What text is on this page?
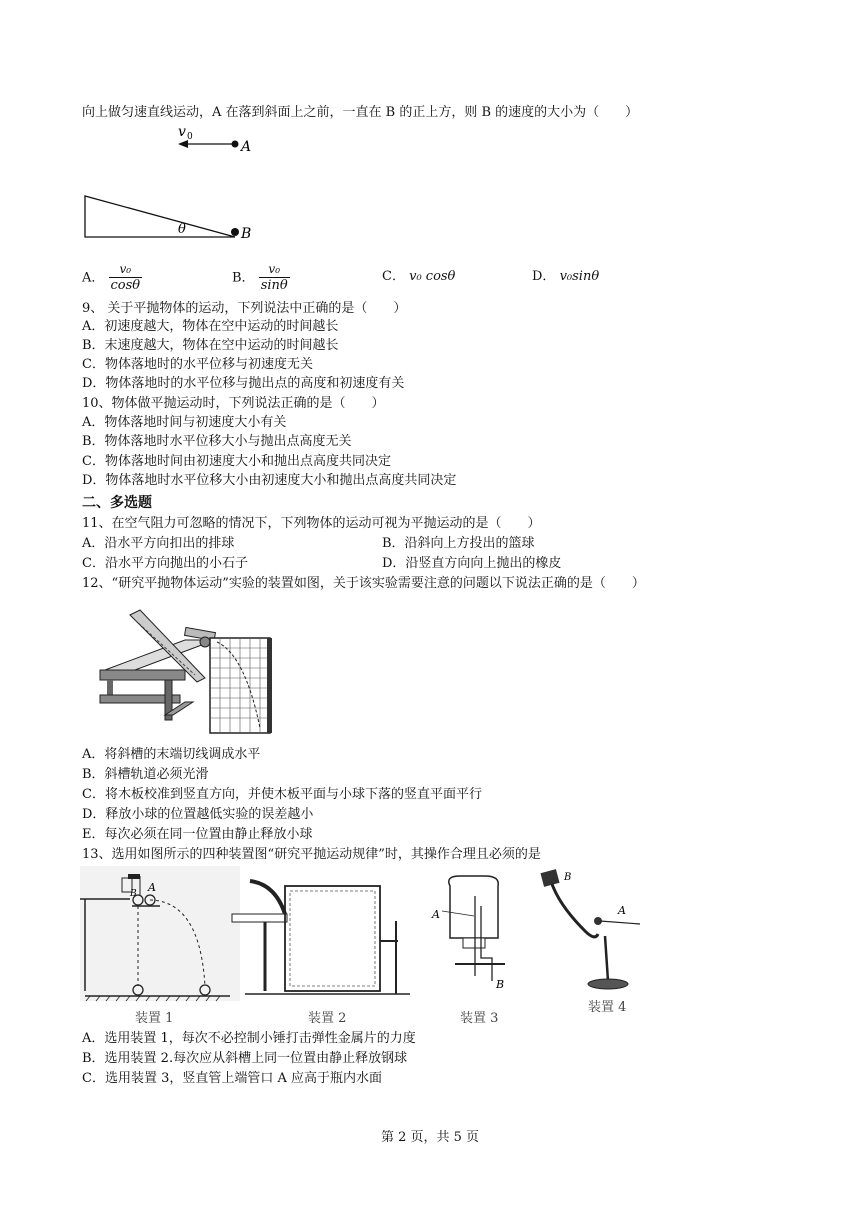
向上做匀速直线运动，A 在落到斜面上之前，一直在 B 的正上方，则 B 的速度的大小为（　　）
v 0
A
θ	B
A． $\frac{\text{v₀}}{\cos\theta}$	B． $\frac{\text{v₀}}{\sin\theta}$	C． v₀ cosθ	D． v₀sinθ
9、 关于平抛物体的运动，下列说法中正确的是（　　）
A．初速度越大，物体在空中运动的时间越长
B．末速度越大，物体在空中运动的时间越长
C．物体落地时的水平位移与初速度无关
D．物体落地时的水平位移与抛出点的高度和初速度有关
10、物体做平抛运动时，下列说法正确的是（　　）
A．物体落地时间与初速度大小有关
B．物体落地时水平位移大小与抛出点高度无关
C．物体落地时间由初速度大小和抛出点高度共同决定
D．物体落地时水平位移大小由初速度大小和抛出点高度共同决定
二、多选题
11、在空气阻力可忽略的情况下，下列物体的运动可视为平抛运动的是（　　）
A．沿水平方向扣出的排球	B．沿斜向上方投出的篮球
C．沿水平方向抛出的小石子	D．沿竖直方向向上抛出的橡皮
12、“研究平抛物体运动”实验的装置如图，关于该实验需要注意的问题以下说法正确的是（　　）
A．将斜槽的末端切线调成水平
B．斜槽轨道必须光滑
C．将木板校准到竖直方向，并使木板平面与小球下落的竖直平面平行
D．释放小球的位置越低实验的误差越小
E．每次必须在同一位置由静止释放小球
13、选用如图所示的四种装置图“研究平抛运动规律”时，其操作合理且必须的是
A
B
装置 1	装置 2
A
B
装置 3
B
A
装置 4
A．选用装置 1，每次不必控制小锤打击弹性金属片的力度
B．选用装置 2.每次应从斜槽上同一位置由静止释放钢球
C．选用装置 3，竖直管上端管口 A 应高于瓶内水面
第 2 页，共 5 页
